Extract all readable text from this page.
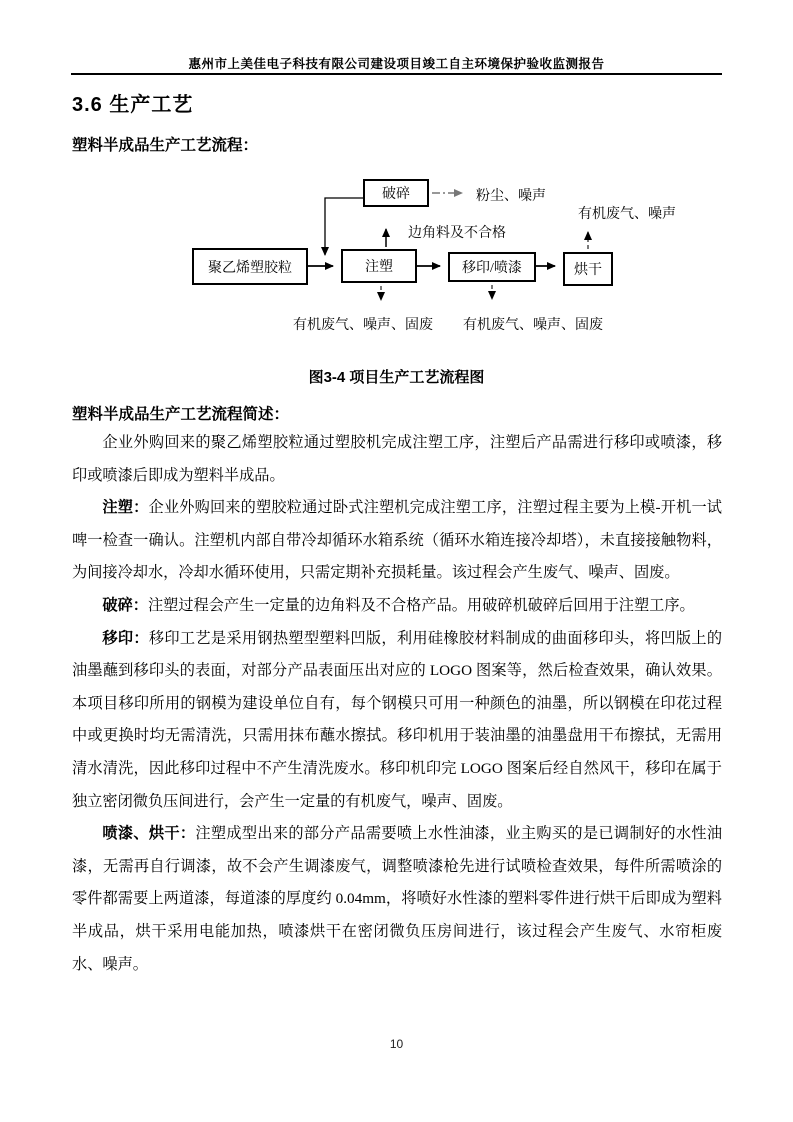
惠州市上美佳电子科技有限公司建设项目竣工自主环境保护验收监测报告
3.6 生产工艺
塑料半成品生产工艺流程：
破碎
聚乙烯塑胶粒	注塑	移印/喷漆	烘干
粉尘、噪声
边角料及不合格
有机废气、噪声
有机废气、噪声、固废 有机废气、噪声、固废
图3-4 项目生产工艺流程图
塑料半成品生产工艺流程简述：

企业外购回来的聚乙烯塑胶粒通过塑胶机完成注塑工序，注塑后产品需进行移印或喷漆，移印或喷漆后即成为塑料半成品。

注塑：企业外购回来的塑胶粒通过卧式注塑机完成注塑工序，注塑过程主要为上模-开机一试啤一检查一确认。注塑机内部自带冷却循环水箱系统（循环水箱连接冷却塔），未直接接触物料，为间接冷却水，冷却水循环使用，只需定期补充损耗量。该过程会产生废气、噪声、固废。

破碎：注塑过程会产生一定量的边角料及不合格产品。用破碎机破碎后回用于注塑工序。

移印：移印工艺是采用钢热塑型塑料凹版，利用硅橡胶材料制成的曲面移印头，将凹版上的油墨蘸到移印头的表面，对部分产品表面压出对应的 LOGO 图案等，然后检查效果，确认效果。本项目移印所用的钢模为建设单位自有，每个钢模只可用一种颜色的油墨，所以钢模在印花过程中或更换时均无需清洗，只需用抹布蘸水擦拭。移印机用于装油墨的油墨盘用干布擦拭，无需用清水清洗，因此移印过程中不产生清洗废水。移印机印完 LOGO 图案后经自然风干，移印在属于独立密闭微负压间进行，会产生一定量的有机废气，噪声、固废。

喷漆、烘干：注塑成型出来的部分产品需要喷上水性油漆，业主购买的是已调制好的水性油漆，无需再自行调漆，故不会产生调漆废气，调整喷漆枪先进行试喷检查效果，每件所需喷涂的零件都需要上两道漆，每道漆的厚度约 0.04mm，将喷好水性漆的塑料零件进行烘干后即成为塑料半成品，烘干采用电能加热，喷漆烘干在密闭微负压房间进行，该过程会产生废气、水帘柜废水、噪声。

10
